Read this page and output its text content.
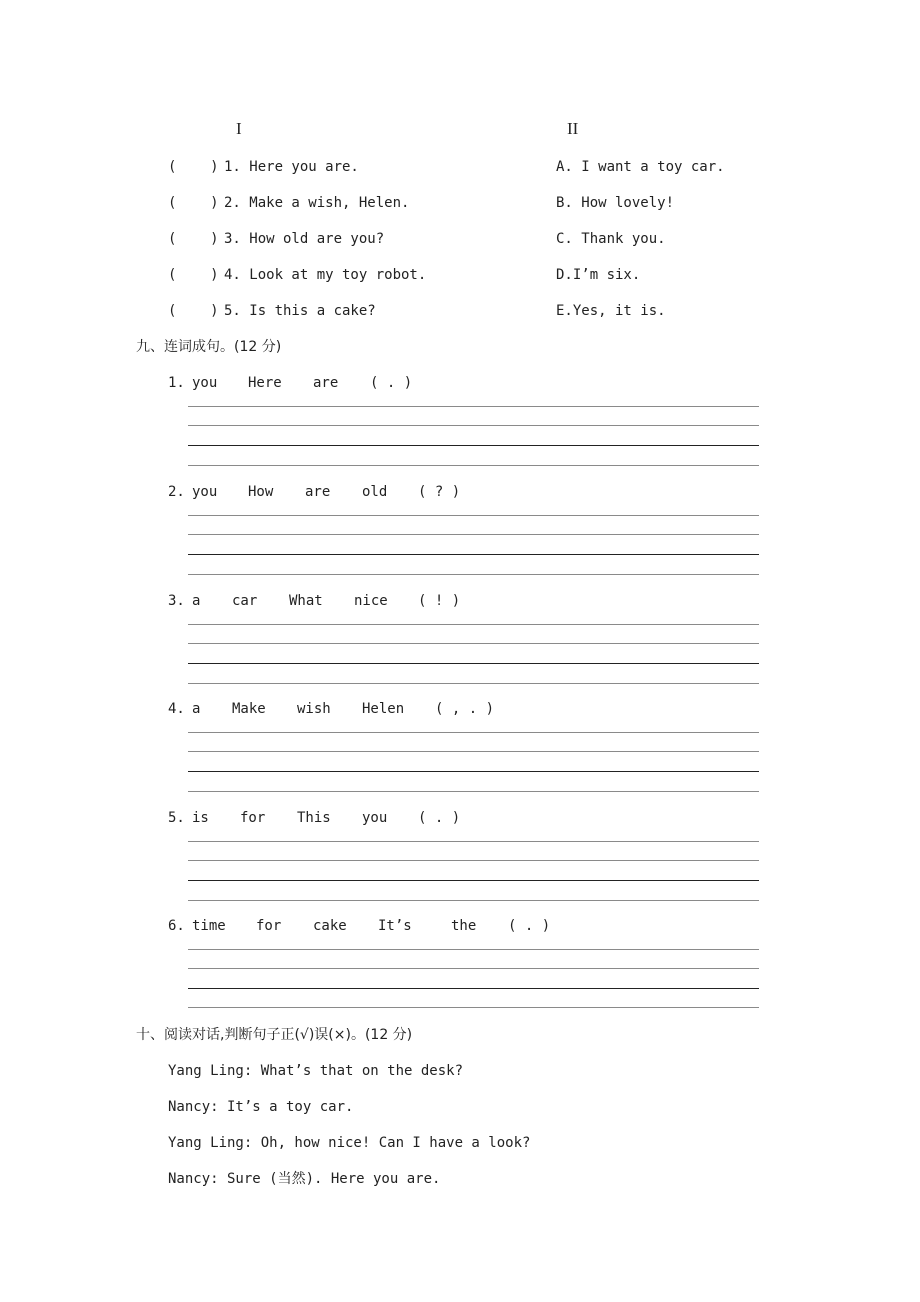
I	II
(    ) 1. Here you are.
(    ) 2. Make a wish, Helen.
(    ) 3. How old are you?
(    ) 4. Look at my toy robot.
(    ) 5. Is this a cake?
A. I want a toy car.
B. How lovely!
C. Thank you.
D.I’m six.
E.Yes, it is.
九、连词成句。(12 分)
1. you Here are ( . )
2. you How are old ( ? )
3. a car What nice ( ! )
4. a Make wish Helen ( , . )
5. is for This you ( . )
6. time for cake It’s	the ( . )
十、阅读对话,判断句子正(√)误(×)。(12 分)
Yang Ling: What’s that on the desk?
Nancy: It’s a toy car.
Yang Ling: Oh, how nice! Can I have a look?
Nancy: Sure (当然). Here you are.
